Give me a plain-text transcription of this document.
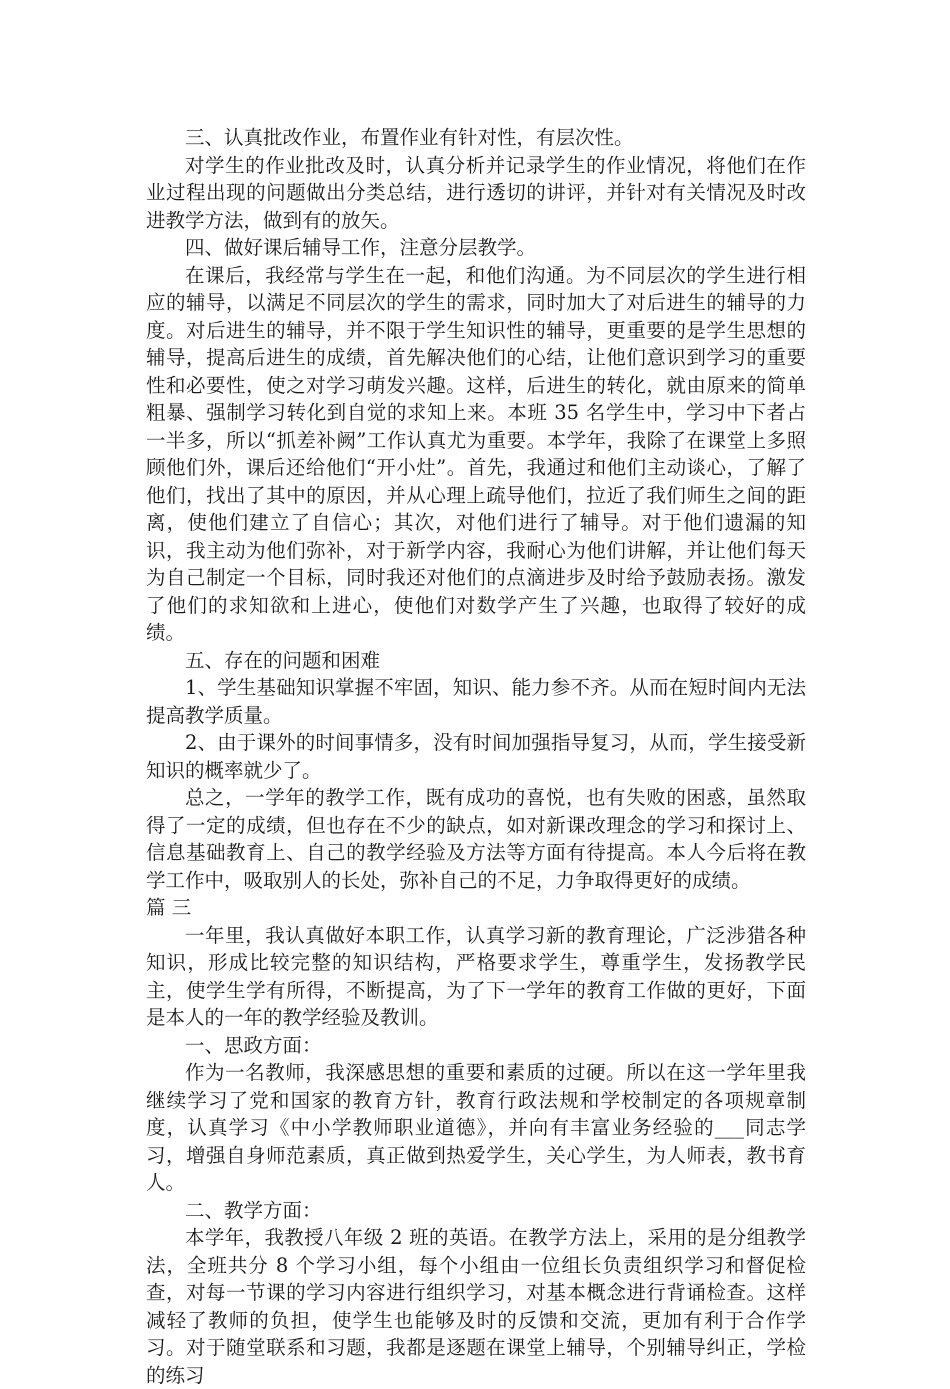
三、认真批改作业，布置作业有针对性，有层次性。

对学生的作业批改及时，认真分析并记录学生的作业情况，将他们在作业过程出现的问题做出分类总结，进行透切的讲评，并针对有关情况及时改进教学方法，做到有的放矢。

四、做好课后辅导工作，注意分层教学。

在课后，我经常与学生在一起，和他们沟通。为不同层次的学生进行相应的辅导，以满足不同层次的学生的需求，同时加大了对后进生的辅导的力度。对后进生的辅导，并不限于学生知识性的辅导，更重要的是学生思想的辅导，提高后进生的成绩，首先解决他们的心结，让他们意识到学习的重要性和必要性，使之对学习萌发兴趣。这样，后进生的转化，就由原来的简单粗暴、强制学习转化到自觉的求知上来。本班 35 名学生中，学习中下者占一半多，所以“抓差补阙”工作认真尤为重要。本学年，我除了在课堂上多照顾他们外，课后还给他们“开小灶”。首先，我通过和他们主动谈心，了解了他们，找出了其中的原因，并从心理上疏导他们，拉近了我们师生之间的距离，使他们建立了自信心；其次，对他们进行了辅导。对于他们遗漏的知识，我主动为他们弥补，对于新学内容，我耐心为他们讲解，并让他们每天为自己制定一个目标，同时我还对他们的点滴进步及时给予鼓励表扬。激发了他们的求知欲和上进心，使他们对数学产生了兴趣，也取得了较好的成绩。

五、存在的问题和困难

1、学生基础知识掌握不牢固，知识、能力参不齐。从而在短时间内无法提高教学质量。

2、由于课外的时间事情多，没有时间加强指导复习，从而，学生接受新知识的概率就少了。

总之，一学年的教学工作，既有成功的喜悦，也有失败的困惑，虽然取得了一定的成绩，但也存在不少的缺点，如对新课改理念的学习和探讨上、信息基础教育上、自己的教学经验及方法等方面有待提高。本人今后将在教学工作中，吸取别人的长处，弥补自己的不足，力争取得更好的成绩。

篇 三

一年里，我认真做好本职工作，认真学习新的教育理论，广泛涉猎各种知识，形成比较完整的知识结构，严格要求学生，尊重学生，发扬教学民主，使学生学有所得，不断提高，为了下一学年的教育工作做的更好，下面是本人的一年的教学经验及教训。

一、思政方面：

作为一名教师，我深感思想的重要和素质的过硬。所以在这一学年里我继续学习了党和国家的教育方针，教育行政法规和学校制定的各项规章制度，认真学习《中小学教师职业道德》，并向有丰富业务经验的___同志学习，增强自身师范素质，真正做到热爱学生，关心学生，为人师表，教书育人。

二、教学方面：

本学年，我教授八年级 2 班的英语。在教学方法上，采用的是分组教学法，全班共分 8 个学习小组，每个小组由一位组长负责组织学习和督促检查，对每一节课的学习内容进行组织学习，对基本概念进行背诵检查。这样减轻了教师的负担，使学生也能够及时的反馈和交流，更加有利于合作学习。对于随堂联系和习题，我都是逐题在课堂上辅导，个别辅导纠正，学检的练习
